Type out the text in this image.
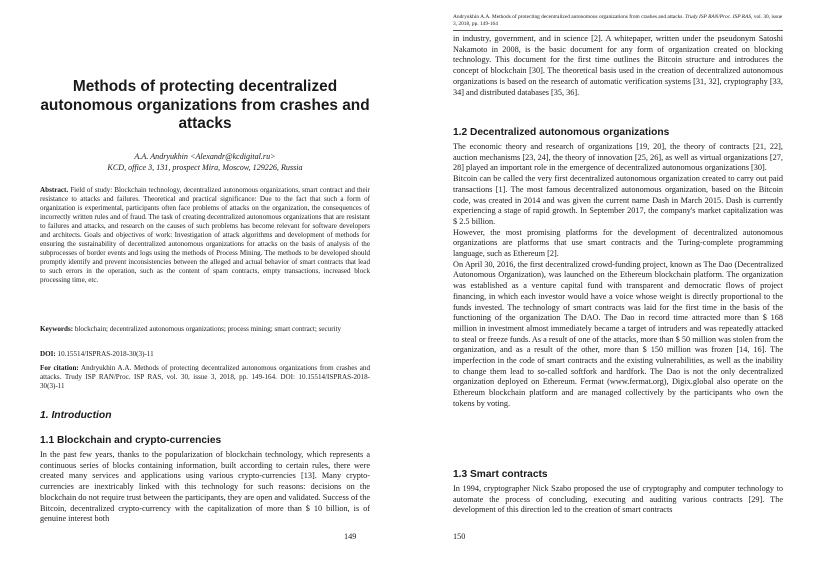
Methods of protecting decentralized autonomous organizations from crashes and attacks
A.A. Andryukhin <Alexandr@kcdigital.ru>
KCD, office 3, 131, prospect Mira, Moscow, 129226, Russia
Abstract. Field of study: Blockchain technology, decentralized autonomous organizations, smart contract and their resistance to attacks and failures. Theoretical and practical significance: Due to the fact that such a form of organization is experimental, participants often face problems of attacks on the organization, the consequences of incorrectly written rules and of fraud. The task of creating decentralized autonomous organizations that are resistant to failures and attacks, and research on the causes of such problems has become relevant for software developers and architects. Goals and objectives of work: Investigation of attack algorithms and development of methods for ensuring the sustainability of decentralized autonomous organizations for attacks on the basis of analysis of the subprocesses of border events and logs using the methods of Process Mining. The methods to be developed should promptly identify and prevent inconsistencies between the alleged and actual behavior of smart contracts that lead to such errors in the operation, such as the content of spam contracts, empty transactions, increased block processing time, etc.
Keywords: blockchain; decentralized autonomous organizations; process mining; smart contract; security
DOI: 10.15514/ISPRAS-2018-30(3)-11
For citation: Andryukhin A.A. Methods of protecting decentralized autonomous organizations from crashes and attacks. Trudy ISP RAN/Proc. ISP RAS, vol. 30, issue 3, 2018, pp. 149-164. DOI: 10.15514/ISPRAS-2018-30(3)-11
1. Introduction
1.1 Blockchain and crypto-currencies
In the past few years, thanks to the popularization of blockchain technology, which represents a continuous series of blocks containing information, built according to certain rules, there were created many services and applications using various crypto-currencies [13]. Many crypto-currencies are inextricably linked with this technology for such reasons: decisions on the blockchain do not require trust between the participants, they are open and validated. Success of the Bitcoin, decentralized crypto-currency with the capitalization of more than $ 10 billion, is of genuine interest both
149
Andryukhin A.A. Methods of protecting decentralized autonomous organizations from crashes and attacks. Trudy ISP RAN/Proc. ISP RAS, vol. 30, issue 3, 2018, pp. 149-164
in industry, government, and in science [2]. A whitepaper, written under the pseudonym Satoshi Nakamoto in 2008, is the basic document for any form of organization created on blocking technology. This document for the first time outlines the Bitcoin structure and introduces the concept of blockchain [30]. The theoretical basis used in the creation of decentralized autonomous organizations is based on the research of automatic verification systems [31, 32], cryptography [33, 34] and distributed databases [35, 36].
1.2 Decentralized autonomous organizations
The economic theory and research of organizations [19, 20], the theory of contracts [21, 22], auction mechanisms [23, 24], the theory of innovation [25, 26], as well as virtual organizations [27, 28] played an important role in the emergence of decentralized autonomous organizations [30].
Bitcoin can be called the very first decentralized autonomous organization created to carry out paid transactions [1]. The most famous decentralized autonomous organization, based on the Bitcoin code, was created in 2014 and was given the current name Dash in March 2015. Dash is currently experiencing a stage of rapid growth. In September 2017, the company's market capitalization was $ 2.5 billion.
However, the most promising platforms for the development of decentralized autonomous organizations are platforms that use smart contracts and the Turing-complete programming language, such as Ethereum [2].
On April 30, 2016, the first decentralized crowd-funding project, known as The Dao (Decentralized Autonomous Organization), was launched on the Ethereum blockchain platform. The organization was established as a venture capital fund with transparent and democratic flows of project financing, in which each investor would have a voice whose weight is directly proportional to the funds invested. The technology of smart contracts was laid for the first time in the basis of the functioning of the organization The DAO. The Dao in record time attracted more than $ 168 million in investment almost immediately became a target of intruders and was repeatedly attacked to steal or freeze funds. As a result of one of the attacks, more than $ 50 million was stolen from the organization, and as a result of the other, more than $ 150 million was frozen [14, 16]. The imperfection in the code of smart contracts and the existing vulnerabilities, as well as the inability to change them lead to so-called softfork and hardfork. The Dao is not the only decentralized organization deployed on Ethereum. Fermat (www.fermat.org), Digix.global also operate on the Ethereum blockchain platform and are managed collectively by the participants who own the tokens by voting.
1.3 Smart contracts
In 1994, cryptographer Nick Szabo proposed the use of cryptography and computer technology to automate the process of concluding, executing and auditing various contracts [29]. The development of this direction led to the creation of smart contracts
150
